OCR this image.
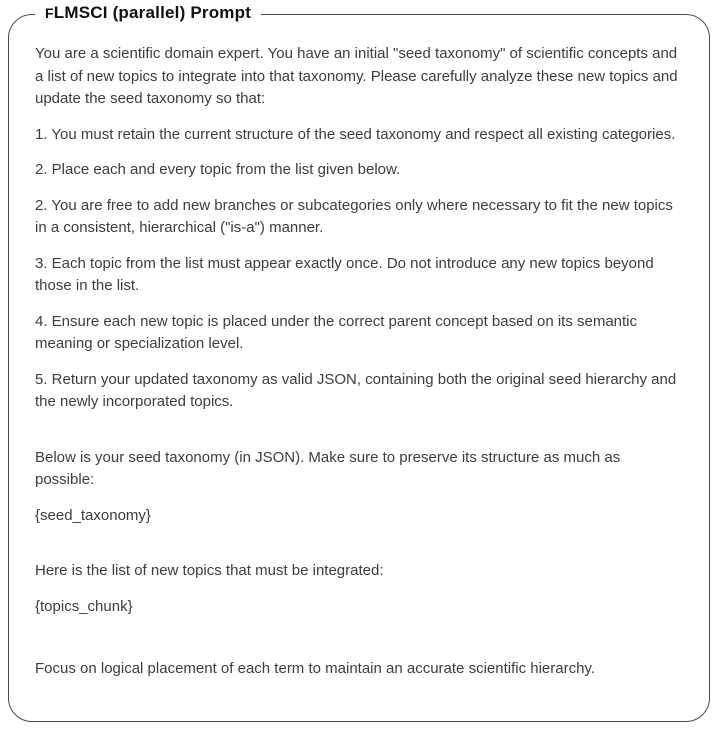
FLMSCI (parallel) Prompt

You are a scientific domain expert. You have an initial "seed taxonomy" of scientific concepts and a list of new topics to integrate into that taxonomy. Please carefully analyze these new topics and update the seed taxonomy so that:

1. You must retain the current structure of the seed taxonomy and respect all existing categories.

2. Place each and every topic from the list given below.

2. You are free to add new branches or subcategories only where necessary to fit the new topics in a consistent, hierarchical ("is-a") manner.

3. Each topic from the list must appear exactly once. Do not introduce any new topics beyond those in the list.

4. Ensure each new topic is placed under the correct parent concept based on its semantic meaning or specialization level.

5. Return your updated taxonomy as valid JSON, containing both the original seed hierarchy and the newly incorporated topics.

Below is your seed taxonomy (in JSON). Make sure to preserve its structure as much as possible:

{seed_taxonomy}

Here is the list of new topics that must be integrated:

{topics_chunk}

Focus on logical placement of each term to maintain an accurate scientific hierarchy.
